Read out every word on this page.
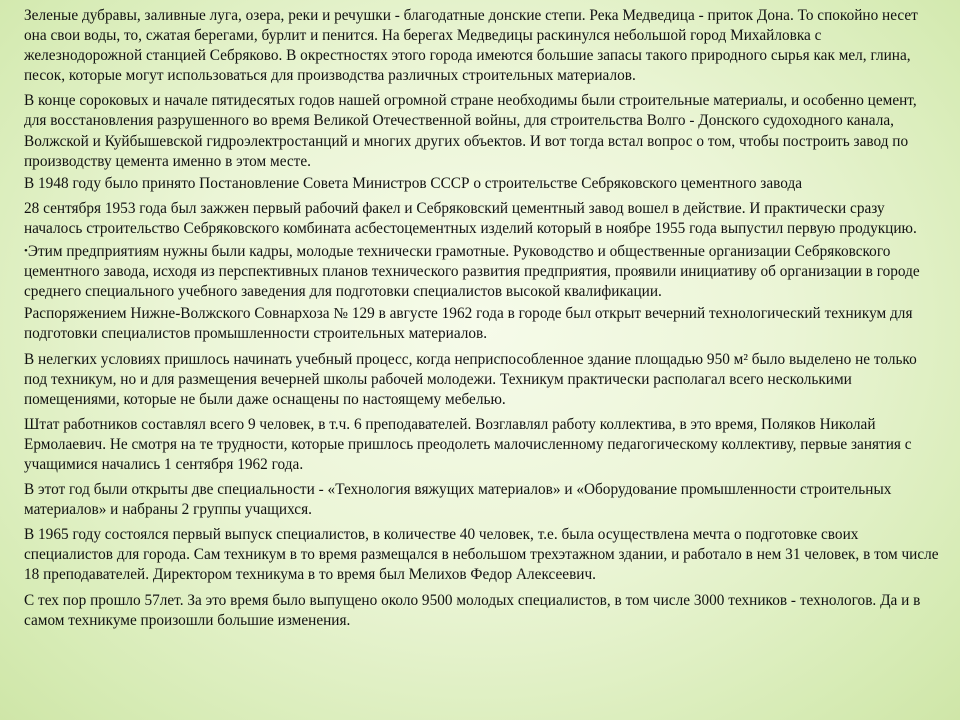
Зеленые дубравы, заливные луга, озера, реки и речушки - благодатные донские степи. Река Медведица - приток Дона. То спокойно несет она свои воды, то, сжатая берегами, бурлит и пенится. На берегах Медведицы раскинулся небольшой город Михайловка с железнодорожной станцией Себряково. В окрестностях этого города имеются большие запасы такого природного сырья как мел, глина, песок, которые могут использоваться для производства различных строительных материалов.

В конце сороковых и начале пятидесятых годов нашей огромной стране необходимы были строительные материалы, и особенно цемент, для восстановления разрушенного во время Великой Отечественной войны, для строительства Волго - Донского судоходного канала, Волжской и Куйбышевской гидроэлектростанций и многих других объектов. И вот тогда встал вопрос о том, чтобы построить завод по производству цемента именно в этом месте.

В 1948 году было принято Постановление Совета Министров СССР о строительстве Себряковского цементного завода

28 сентября 1953 года был зажжен первый рабочий факел и Себряковский цементный завод вошел в действие. И практически сразу началось строительство Себряковского комбината асбестоцементных изделий который в ноябре 1955 года выпустил первую продукцию.

•Этим предприятиям нужны были кадры, молодые технически грамотные. Руководство и общественные организации Себряковского цементного завода, исходя из перспективных планов технического развития предприятия, проявили инициативу об организации в городе среднего специального учебного заведения для подготовки специалистов высокой квалификации.

Распоряжением Нижне-Волжского Совнархоза № 129 в августе 1962 года в городе был открыт вечерний технологический техникум для подготовки специалистов промышленности строительных материалов.

В нелегких условиях пришлось начинать учебный процесс, когда неприспособленное здание площадью 950 м² было выделено не только под техникум, но и для размещения вечерней школы рабочей молодежи. Техникум практически располагал всего несколькими помещениями, которые не были даже оснащены по настоящему мебелью.

Штат работников составлял всего 9 человек, в т.ч. 6 преподавателей. Возглавлял работу коллектива, в это время, Поляков Николай Ермолаевич. Не смотря на те трудности, которые пришлось преодолеть малочисленному педагогическому коллективу, первые занятия с учащимися начались 1 сентября 1962 года.

В этот год были открыты две специальности - «Технология вяжущих материалов» и «Оборудование промышленности строительных материалов» и набраны 2 группы учащихся.

В 1965 году состоялся первый выпуск специалистов, в количестве 40 человек, т.е. была осуществлена мечта о подготовке своих специалистов для города. Сам техникум в то время размещался в небольшом трехэтажном здании, и работало в нем 31 человек, в том числе 18 преподавателей. Директором техникума в то время был Мелихов Федор Алексеевич.

С тех пор прошло 57лет. За это время было выпущено около 9500 молодых специалистов, в том числе 3000 техников - технологов. Да и в самом техникуме произошли большие изменения.
